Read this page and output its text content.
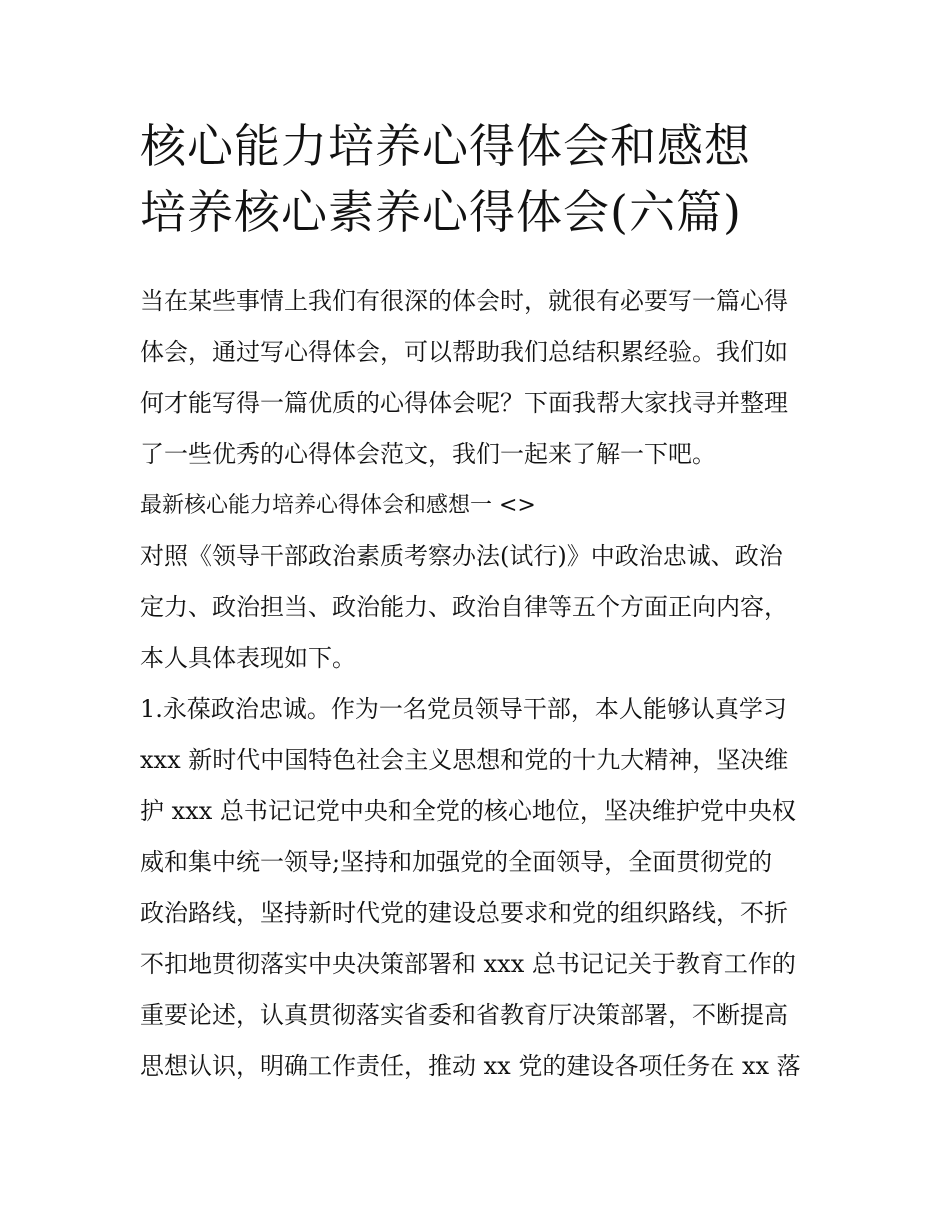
核心能力培养心得体会和感想
培养核心素养心得体会(六篇)
当在某些事情上我们有很深的体会时，就很有必要写一篇心得
体会，通过写心得体会，可以帮助我们总结积累经验。我们如
何才能写得一篇优质的心得体会呢？下面我帮大家找寻并整理
了一些优秀的心得体会范文，我们一起来了解一下吧。
最新核心能力培养心得体会和感想一 <>
对照《领导干部政治素质考察办法(试行)》中政治忠诚、政治
定力、政治担当、政治能力、政治自律等五个方面正向内容，
本人具体表现如下。
1.永葆政治忠诚。作为一名党员领导干部，本人能够认真学习
xxx 新时代中国特色社会主义思想和党的十九大精神，坚决维
护 xxx 总书记记党中央和全党的核心地位，坚决维护党中央权
威和集中统一领导;坚持和加强党的全面领导，全面贯彻党的
政治路线，坚持新时代党的建设总要求和党的组织路线，不折
不扣地贯彻落实中央决策部署和 xxx 总书记记关于教育工作的
重要论述，认真贯彻落实省委和省教育厅决策部署，不断提高
思想认识，明确工作责任，推动 xx 党的建设各项任务在 xx 落
